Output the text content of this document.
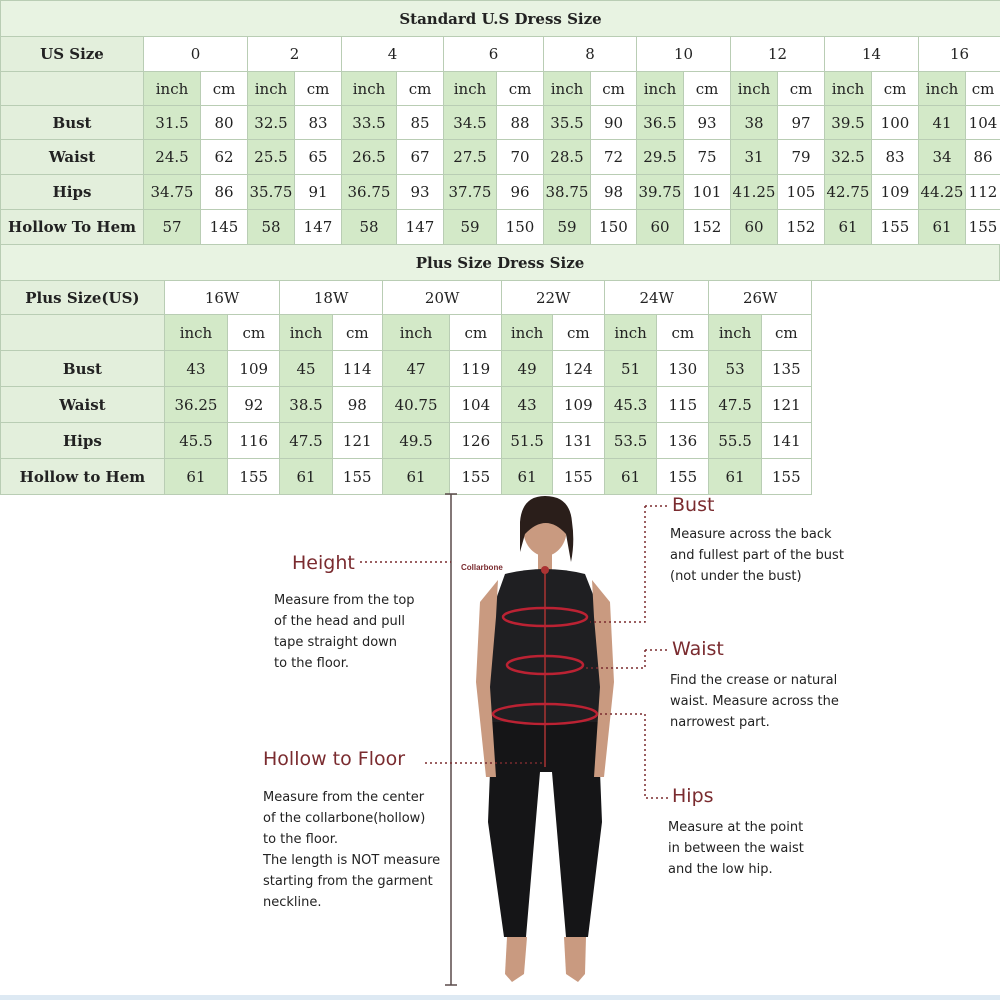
Standard U.S Dress Size																		
US Size	0		2		4		6		8		10		12		14		16	
	inch	cm	inch	cm	inch	cm	inch	cm	inch	cm	inch	cm	inch	cm	inch	cm	inch	cm
Bust	31.5	80	32.5	83	33.5	85	34.5	88	35.5	90	36.5	93	38	97	39.5	100	41	104
Waist	24.5	62	25.5	65	26.5	67	27.5	70	28.5	72	29.5	75	31	79	32.5	83	34	86
Hips	34.75	86	35.75	91	36.75	93	37.75	96	38.75	98	39.75	101	41.25	105	42.75	109	44.25	112
Hollow To Hem	57	145	58	147	58	147	59	150	59	150	60	152	60	152	61	155	61	155
Plus Size Dress Size													
Plus Size(US)	16W		18W		20W		22W		24W		26W		
	inch	cm	inch	cm	inch	cm	inch	cm	inch	cm	inch	cm	
Bust	43	109	45	114	47	119	49	124	51	130	53	135	
Waist	36.25	92	38.5	98	40.75	104	43	109	45.3	115	47.5	121	
Hips	45.5	116	47.5	121	49.5	126	51.5	131	53.5	136	55.5	141	
Hollow to Hem	61	155	61	155	61	155	61	155	61	155	61	155	
Collarbone
Height
Measure from the top
of the head and pull
tape straight down
to the floor.
Hollow to Floor
Measure from the center
of the collarbone(hollow)
to the floor.
The length is NOT measure
starting from the garment
neckline.
Bust
Measure across the back
and fullest part of the bust
(not under the bust)
Waist
Find the crease or natural
waist. Measure across the
narrowest part.
Hips
Measure at the point
in between the waist
and the low hip.
